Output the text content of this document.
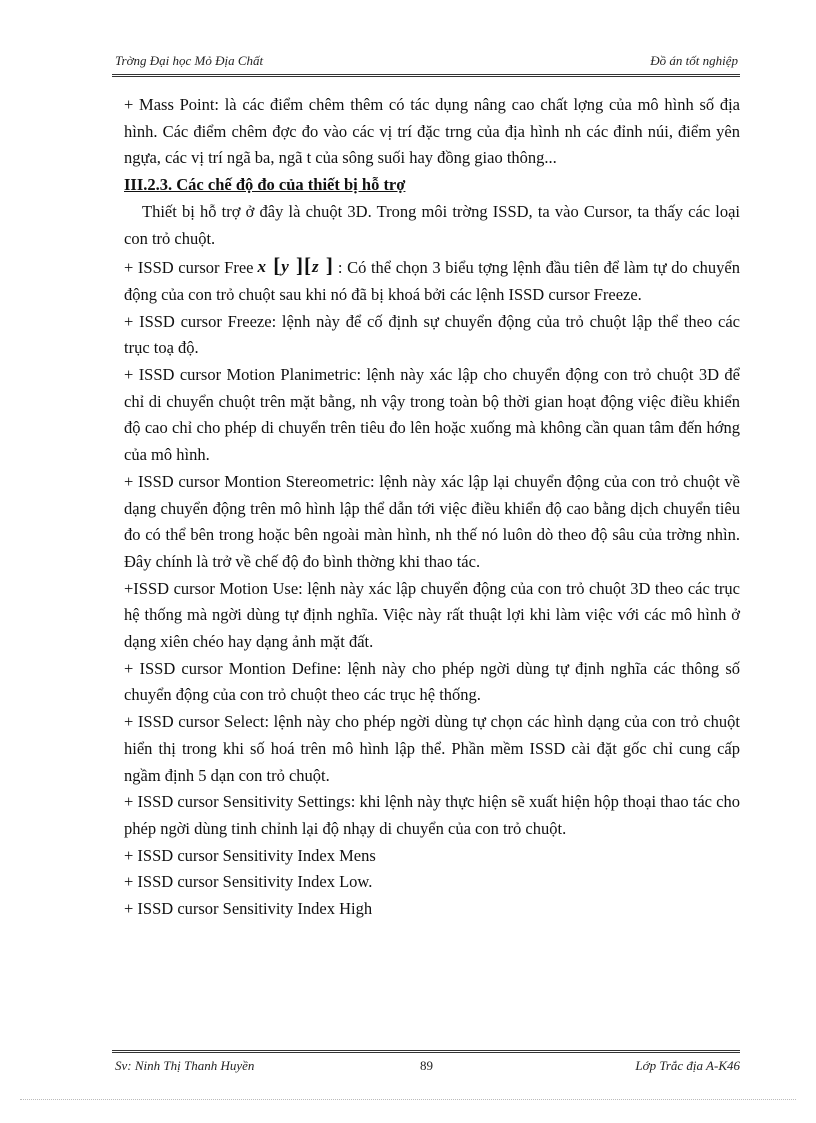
Trờng Đại học Mỏ Địa Chất	Đồ án tốt nghiệp

+ Mass Point: là các điểm chêm thêm có tác dụng nâng cao chất lợng của mô hình số địa hình. Các điểm chêm đợc đo vào các vị trí đặc trng của địa hình nh các đỉnh núi, điểm yên ngựa, các vị trí ngã ba, ngã t của sông suối hay đồng giao thông...

III.2.3. Các chế độ đo của thiết bị hỗ trợ

Thiết bị hỗ trợ ở đây là chuột 3D. Trong môi trờng ISSD, ta vào Cursor, ta thấy các loại con trỏ chuột.

+ ISSD cursor Free x [y ][z ] : Có thể chọn 3 biểu tợng lệnh đầu tiên để làm tự do chuyển động của con trỏ chuột sau khi nó đã bị khoá bởi các lệnh ISSD cursor Freeze.

+ ISSD cursor Freeze: lệnh này để cố định sự chuyển động của trỏ chuột lập thể theo các trục toạ độ.

+ ISSD cursor Motion Planimetric: lệnh này xác lập cho chuyển động con trỏ chuột 3D để chỉ di chuyển chuột trên mặt bằng, nh vậy trong toàn bộ thời gian hoạt động việc điều khiển độ cao chỉ cho phép di chuyển trên tiêu đo lên hoặc xuống mà không cần quan tâm đến hớng của mô hình.

+ ISSD cursor Montion Stereometric: lệnh này xác lập lại chuyển động của con trỏ chuột về dạng chuyển động trên mô hình lập thể dẫn tới việc điều khiển độ cao bằng dịch chuyển tiêu đo có thể bên trong hoặc bên ngoài màn hình, nh thế nó luôn dò theo độ sâu của trờng nhìn. Đây chính là trở về chế độ đo bình thờng khi thao tác.

+ISSD cursor Motion Use: lệnh này xác lập chuyển động của con trỏ chuột 3D theo các trục hệ thống mà ngời dùng tự định nghĩa. Việc này rất thuật lợi khi làm việc với các mô hình ở dạng xiên chéo hay dạng ảnh mặt đất.

+ ISSD cursor Montion Define: lệnh này cho phép ngời dùng tự định nghĩa các thông số chuyển động của con trỏ chuột theo các trục hệ thống.

+ ISSD cursor Select: lệnh này cho phép ngời dùng tự chọn các hình dạng của con trỏ chuột hiển thị trong khi số hoá trên mô hình lập thể. Phần mềm ISSD cài đặt gốc chỉ cung cấp ngầm định 5 dạn con trỏ chuột.

+ ISSD cursor Sensitivity Settings: khi lệnh này thực hiện sẽ xuất hiện hộp thoại thao tác cho phép ngời dùng tinh chỉnh lại độ nhạy di chuyển của con trỏ chuột.

+ ISSD cursor Sensitivity Index Mens

+ ISSD cursor Sensitivity Index Low.

+ ISSD cursor Sensitivity Index High

Sv: Ninh Thị Thanh Huyền	89	Lớp Trắc địa A-K46
